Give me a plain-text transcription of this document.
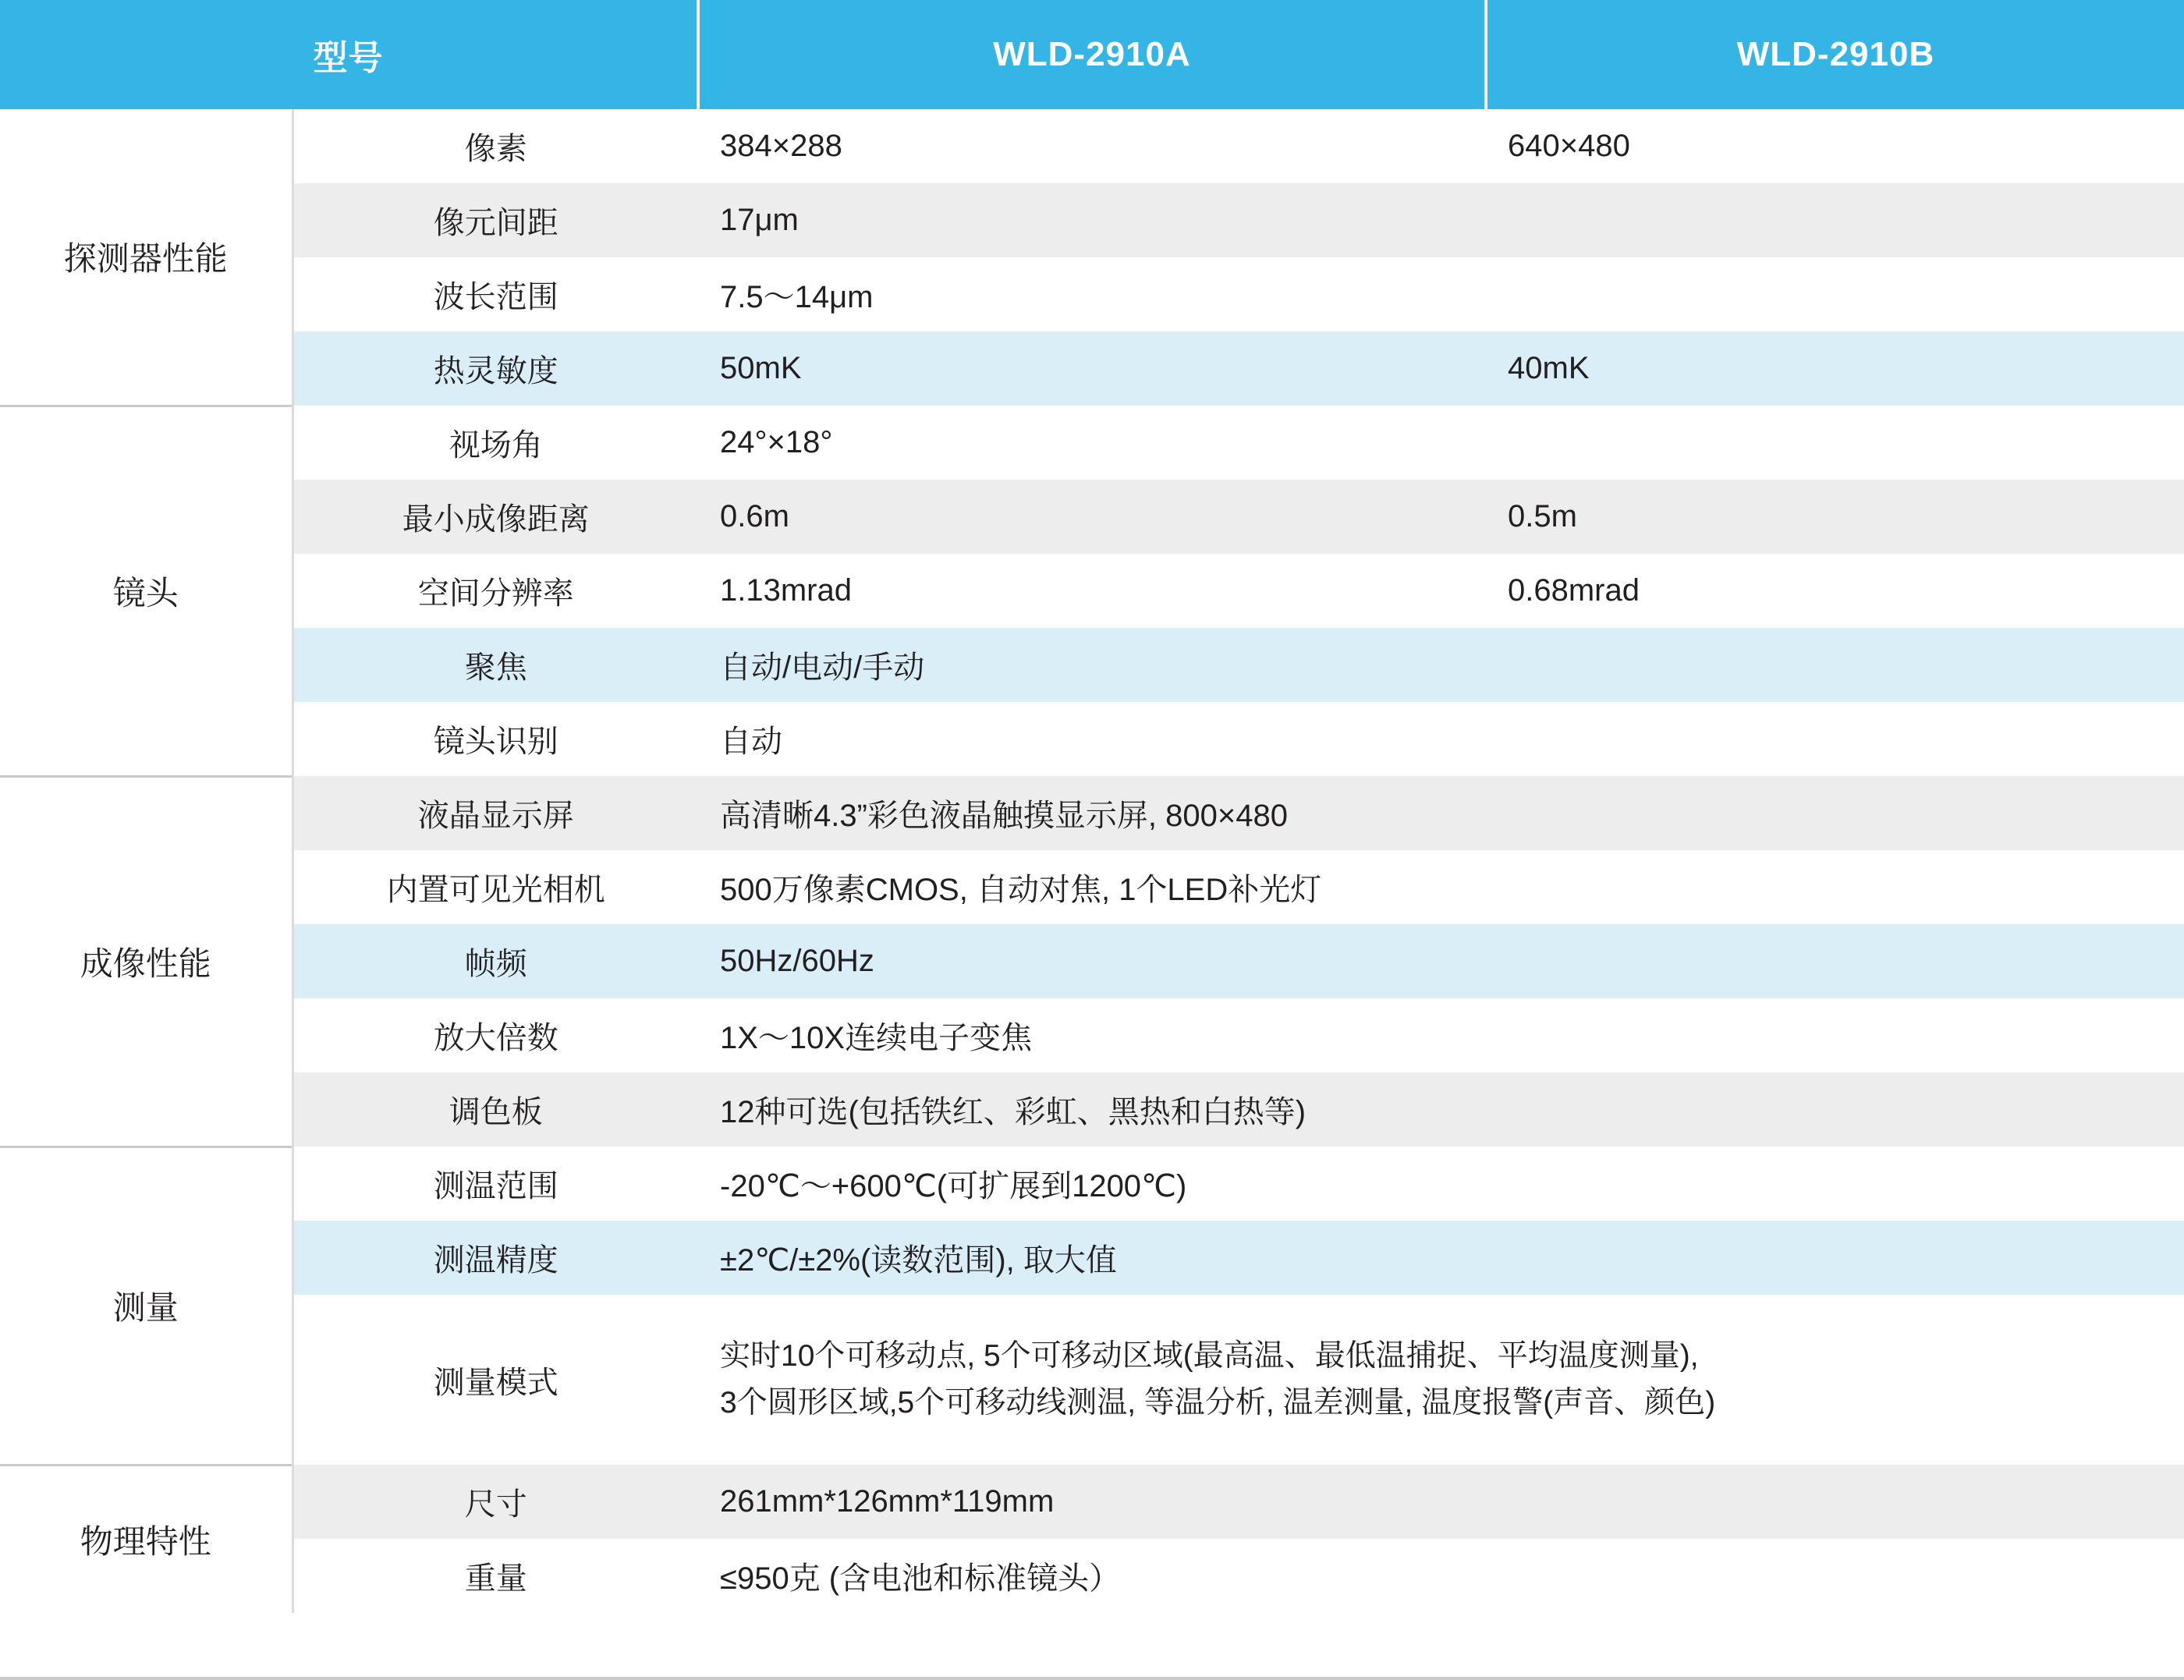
型号		WLD-2910A	WLD-2910B
探测器性能	像素	384×288	640×480
	像元间距	17μm	
	波长范围	7.5～14μm	
	热灵敏度	50mK	40mK
镜头	视场角	24°×18°	
	最小成像距离	0.6m	0.5m
	空间分辨率	1.13mrad	0.68mrad
	聚焦	自动/电动/手动	
	镜头识别	自动	
成像性能	液晶显示屏	高清晰4.3”彩色液晶触摸显示屏, 800×480	
	内置可见光相机	500万像素CMOS, 自动对焦, 1个LED补光灯	
	帧频	50Hz/60Hz	
	放大倍数	1X～10X连续电子变焦	
	调色板	12种可选(包括铁红、彩虹、黑热和白热等)	
测量	测温范围	-20℃～+600℃(可扩展到1200℃)	
	测温精度	±2℃/±2%(读数范围), 取大值	
	测量模式	实时10个可移动点, 5个可移动区域(最高温、最低温捕捉、平均温度测量),
3个圆形区域,5个可移动线测温, 等温分析, 温差测量, 温度报警(声音、颜色)	

物理特性	尺寸	261mm*126mm*119mm	
	重量	≤950克 (含电池和标准镜头）	
